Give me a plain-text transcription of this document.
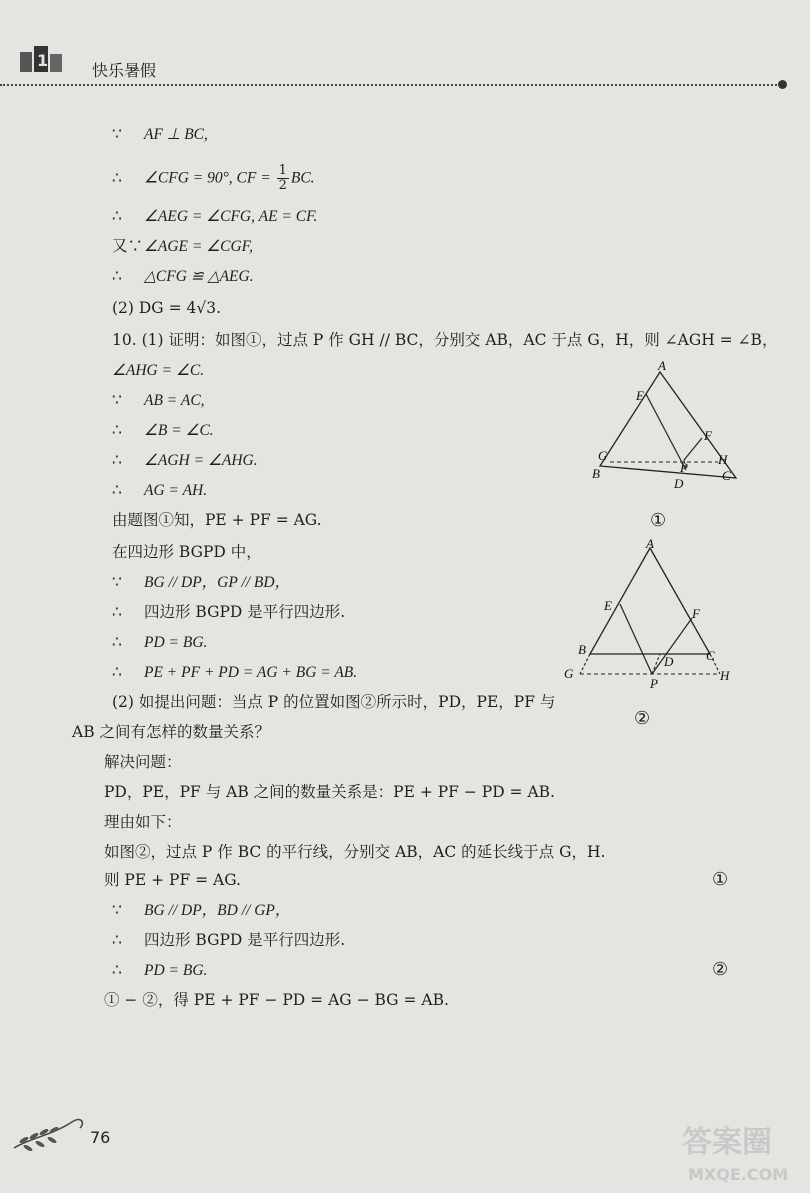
1
快乐暑假
∵ AF ⊥ BC,
∴ ∠CFG = 90°, CF = $\frac{1}{2}$ BC.
∴ ∠AEG = ∠CFG, AE = CF.
又∵∠AGE = ∠CGF,
∴ △CFG ≌ △AEG.
(2) DG = 4√3.
10. (1) 证明：如图①，过点 P 作 GH // BC，分别交 AB，AC 于点 G，H，则 ∠AGH = ∠B，
∠AHG = ∠C.
∵ AB = AC,
∴ ∠B = ∠C.
∴ ∠AGH = ∠AHG.
∴ AG = AH.
由题图①知，PE + PF = AG.
在四边形 BGPD 中，
∵ BG // DP，GP // BD，
∴ 四边形 BGPD 是平行四边形.
∴ PD = BG.
∴ PE + PF + PD = AG + BG = AB.
(2) 如提出问题：当点 P 的位置如图②所示时，PD，PE，PF 与
AB 之间有怎样的数量关系？
解决问题：
PD，PE，PF 与 AB 之间的数量关系是：PE + PF − PD = AB.
理由如下：
如图②，过点 P 作 BC 的平行线，分别交 AB，AC 的延长线于点 G，H.
则 PE + PF = AG.
∵ BG // DP，BD // GP，
∴ 四边形 BGPD 是平行四边形.
∴ PD = BG.
① − ②，得 PE + PF − PD = AG − BG = AB.
①
②
A
E
F
G	H
B	C
D
P
①
A
E
F
B	C
D
G	H
P
②
76	答案圈
MXQE.COM
